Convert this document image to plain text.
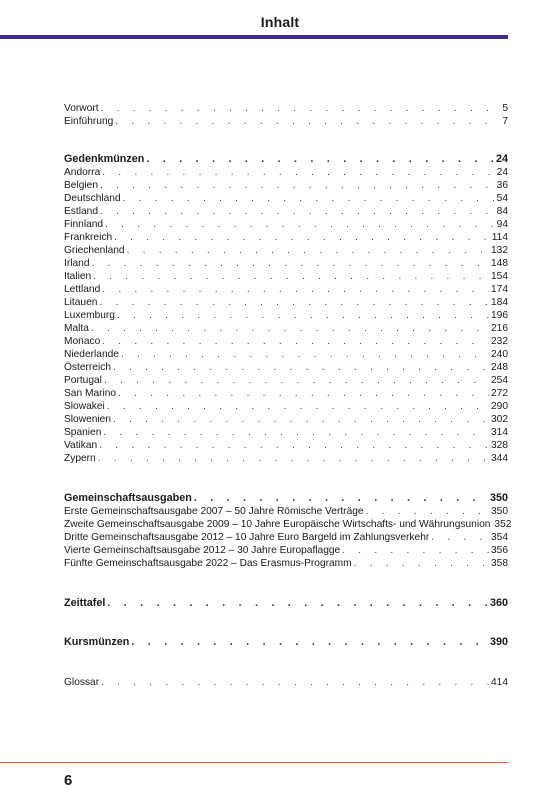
Inhalt
Vorwort . . .	5
Einführung . . .	7
Gedenkmünzen . . .	24
Andorra . . .	24
Belgien . . .	36
Deutschland . . .	54
Estland . . .	84
Finnland . . .	94
Frankreich . . .	114
Griechenland . . .	132
Irland . . .	148
Italien . . .	154
Lettland . . .	174
Litauen . . .	184
Luxemburg . . .	196
Malta . . .	216
Monaco . . .	232
Niederlande . . .	240
Österreich . . .	248
Portugal . . .	254
San Marino . . .	272
Slowakei . . .	290
Slowenien . . .	302
Spanien . . .	314
Vatikan . . .	328
Zypern . . .	344
Gemeinschaftsausgaben . . .	350
Erste Gemeinschaftsausgabe 2007 – 50 Jahre Römische Verträge . . .	350
Zweite Gemeinschaftsausgabe 2009 – 10 Jahre Europäische Wirtschafts- und Währungsunion 352
Dritte Gemeinschaftsausgabe 2012 – 10 Jahre Euro Bargeld im Zahlungsverkehr . . .	354
Vierte Gemeinschaftsausgabe 2012 – 30 Jahre Europaflagge . . .	356
Fünfte Gemeinschaftsausgabe 2022 – Das Erasmus-Programm . . .	358
Zeittafel . . .	360
Kursmünzen . . .	390
Glossar . . .	414
6
